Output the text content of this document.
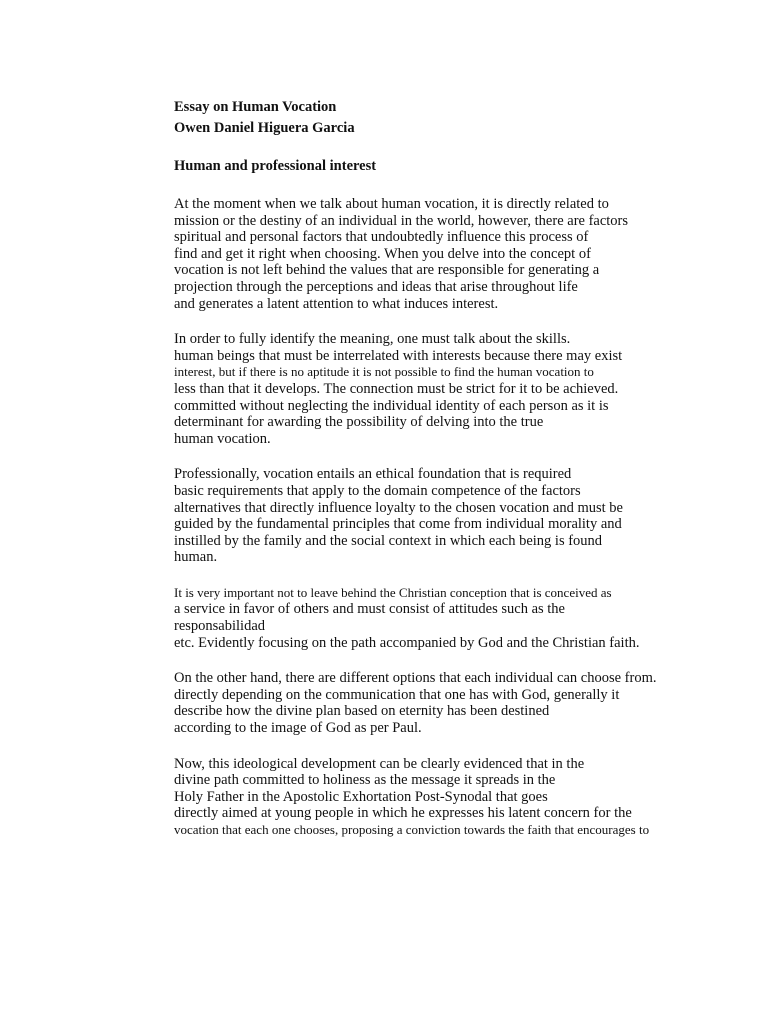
Essay on Human Vocation
Owen Daniel Higuera Garcia
Human and professional interest
At the moment when we talk about human vocation, it is directly related to
mission or the destiny of an individual in the world, however, there are factors
spiritual and personal factors that undoubtedly influence this process of
find and get it right when choosing. When you delve into the concept of
vocation is not left behind the values that are responsible for generating a
projection through the perceptions and ideas that arise throughout life
and generates a latent attention to what induces interest.
In order to fully identify the meaning, one must talk about the skills.
human beings that must be interrelated with interests because there may exist
interest, but if there is no aptitude it is not possible to find the human vocation to
less than that it develops. The connection must be strict for it to be achieved.
committed without neglecting the individual identity of each person as it is
determinant for awarding the possibility of delving into the true
human vocation.
Professionally, vocation entails an ethical foundation that is required
basic requirements that apply to the domain competence of the factors
alternatives that directly influence loyalty to the chosen vocation and must be
guided by the fundamental principles that come from individual morality and
instilled by the family and the social context in which each being is found
human.
It is very important not to leave behind the Christian conception that is conceived as
a service in favor of others and must consist of attitudes such as the
responsabilidad
etc. Evidently focusing on the path accompanied by God and the Christian faith.
On the other hand, there are different options that each individual can choose from.
directly depending on the communication that one has with God, generally it
describe how the divine plan based on eternity has been destined
according to the image of God as per Paul.
Now, this ideological development can be clearly evidenced that in the
divine path committed to holiness as the message it spreads in the
Holy Father in the Apostolic Exhortation Post-Synodal that goes
directly aimed at young people in which he expresses his latent concern for the
vocation that each one chooses, proposing a conviction towards the faith that encourages to
